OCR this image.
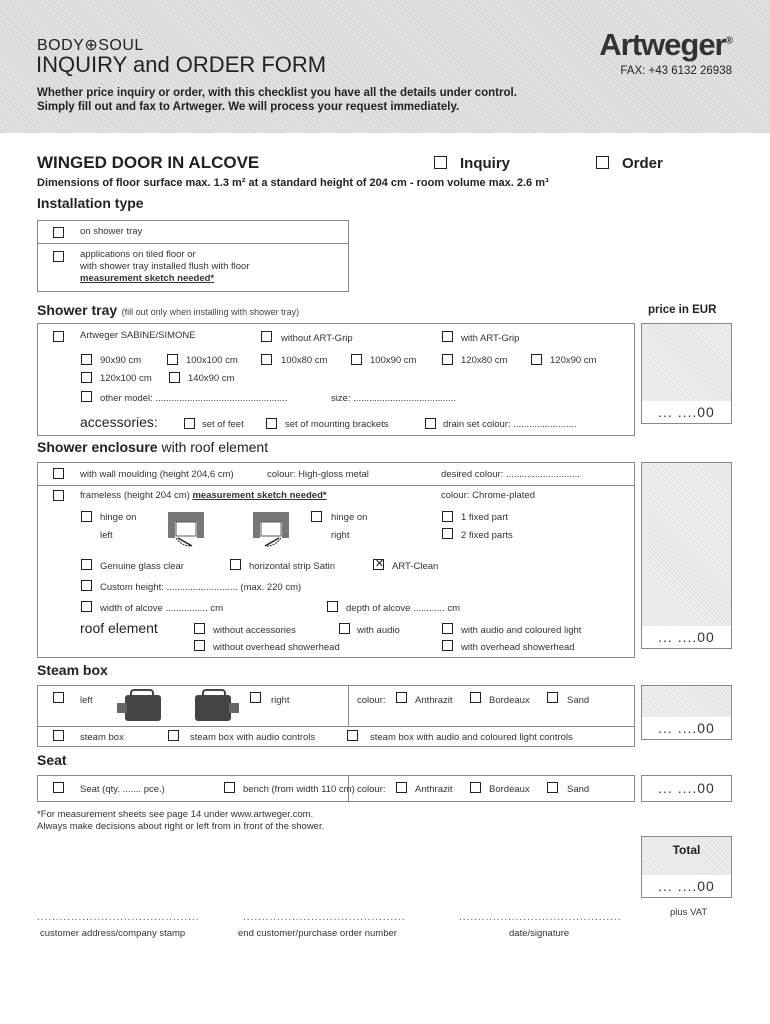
BODY⊕SOUL
INQUIRY and ORDER FORM
Artweger®
FAX: +43 6132 26938
Whether price inquiry or order, with this checklist you have all the details under control.
Simply fill out and fax to Artweger. We will process your request immediately.
WINGED DOOR IN ALCOVE	Inquiry	Order
Dimensions of floor surface max. 1.3 m² at a standard height of 204 cm - room volume max. 2.6 m³
Installation type
on shower tray
applications on tiled floor or
with shower tray installed flush with floor
measurement sketch needed*
Shower tray (fill out only when installing with shower tray)	price in EUR
Artweger SABINE/SIMONE	without ART-Grip	with ART-Grip
90x90 cm	100x100 cm	100x80 cm	100x90 cm	120x80 cm	120x90 cm
120x100 cm	140x90 cm
other model: ..................................................	size: .......................................
accessories:	set of feet	set of mounting brackets	drain set colour: ........................
... ....00
Shower enclosure with roof element
with wall moulding (height 204,6 cm)	colour: High-gloss metal	desired colour: ............................
frameless (height 204 cm) measurement sketch needed*	colour: Chrome-plated
hinge on
left
hinge on
right
1 fixed part
2 fixed parts
Genuine glass clear	horizontal strip Satin ✕	ART-Clean
Custom height: ........................... (max. 220 cm)
width of alcove ................ cm	depth of alcove ............ cm
roof element	without accessories	with audio	with audio and coloured light
without overhead showerhead	with overhead showerhead
... ....00
Steam box
left	right	colour:	Anthrazit	Bordeaux	Sand
steam box	steam box with audio controls	steam box with audio and coloured light controls
... ....00
Seat
Seat (qty. ....... pce.)	bench (from width 110 cm) colour:	Anthrazit	Bordeaux	Sand	... ....00
*For measurement sheets see page 14 under www.artweger.com.
Always make decisions about right or left from in front of the shower.
Total
... ....00
plus VAT
...........................................
customer address/company stamp
...........................................
end customer/purchase order number
...........................................
date/signature
